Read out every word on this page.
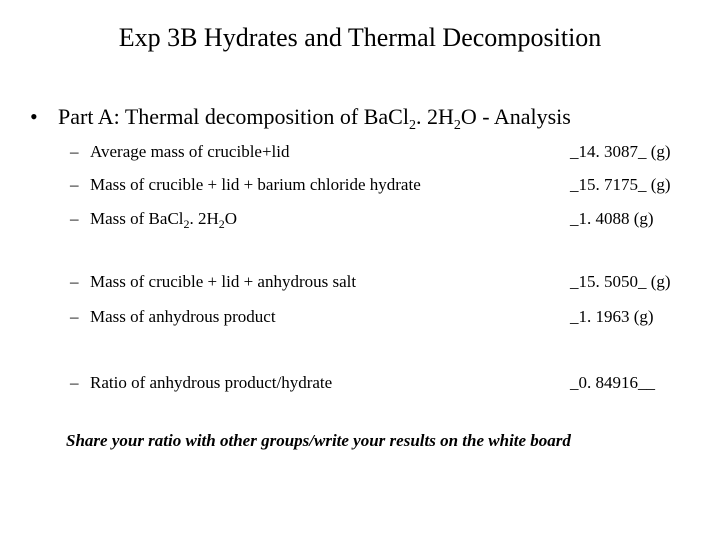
Exp 3B Hydrates and Thermal Decomposition
• Part A: Thermal decomposition of BaCl$_2$. $2H_2O$ - Analysis
– Average mass of crucible+lid	_14. 3087_ (g)
– Mass of crucible + lid + barium chloride hydrate	_15. 7175_ (g)
– Mass of BaCl$_2$. $2H_2O$	_1. 4088 (g)
– Mass of crucible + lid + anhydrous salt	_15. 5050_ (g)
– Mass of anhydrous product	_1. 1963 (g)
– Ratio of anhydrous product/hydrate	_0. 84916__
Share your ratio with other groups/write your results on the white board
